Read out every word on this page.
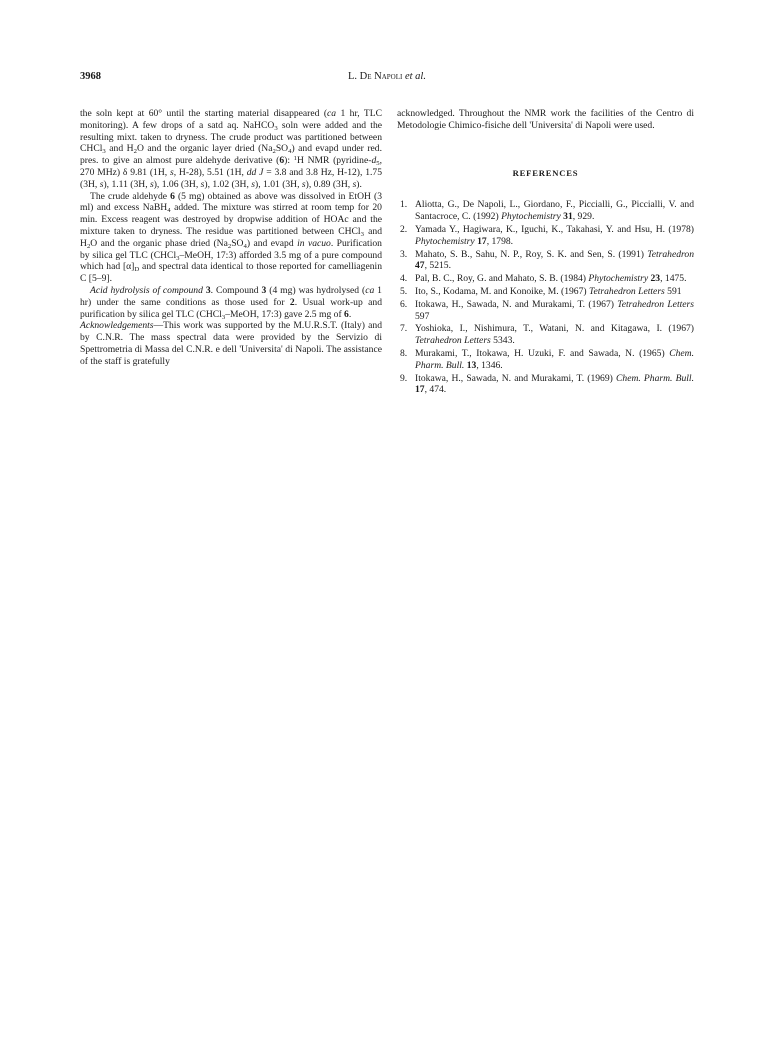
3968	L. De Napoli et al.

the soln kept at 60° until the starting material disappeared (ca 1 hr, TLC monitoring). A few drops of a satd aq. NaHCO$_3$ soln were added and the resulting mixt. taken to dryness. The crude product was partitioned between CHCl$_3$ and $H_2O$ and the organic layer dried $(Na_2SO_4)$ and evapd under red. pres. to give an almost pure aldehyde derivative (6): $^1$H NMR ($pyridine-d_5$, 270 MHz) δ 9.81 (1H, s, H-28), 5.51 (1H, dd J = 3.8 and 3.8 Hz, H-12), 1.75 (3H, s), 1.11 (3H, s), 1.06 (3H, s), 1.02 (3H, s), 1.01 (3H, s), 0.89 (3H, s).

The crude aldehyde 6 (5 mg) obtained as above was dissolved in EtOH (3 ml) and excess NaBH$_4$ added. The mixture was stirred at room temp for 20 min. Excess reagent was destroyed by dropwise addition of HOAc and the mixture taken to dryness. The residue was partitioned between CHCl$_3$ and $H_2O$ and the organic phase dried $(Na_2SO_4)$ and evapd in vacuo. Purification by silica gel TLC (CHCl$_3$–MeOH, 17:3) afforded 3.5 mg of a pure compound which had $[\alpha]_D$ and spectral data identical to those reported for camelliagenin C [5–9].

Acid hydrolysis of compound 3. Compound 3 (4 mg) was hydrolysed (ca 1 hr) under the same conditions as those used for 2. Usual work-up and purification by silica gel TLC (CHCl$_3$–MeOH, 17:3) gave 2.5 mg of 6.

Acknowledgements—This work was supported by the M.U.R.S.T. (Italy) and by C.N.R. The mass spectral data were provided by the Servizio di Spettrometria di Massa del C.N.R. e dell 'Universita' di Napoli. The assistance of the staff is gratefully

acknowledged. Throughout the NMR work the facilities of the Centro di Metodologie Chimico-fisiche dell 'Universita' di Napoli were used.

REFERENCES
1. Aliotta, G., De Napoli, L., Giordano, F., Piccialli, G., Piccialli, V. and Santacroce, C. (1992) Phytochemistry 31, 929.
2. Yamada Y., Hagiwara, K., Iguchi, K., Takahasi, Y. and Hsu, H. (1978) Phytochemistry 17, 1798.
3. Mahato, S. B., Sahu, N. P., Roy, S. K. and Sen, S. (1991) Tetrahedron 47, 5215.
4. Pal, B. C., Roy, G. and Mahato, S. B. (1984) Phytochemistry 23, 1475.
5. Ito, S., Kodama, M. and Konoike, M. (1967) Tetrahedron Letters 591
6. Itokawa, H., Sawada, N. and Murakami, T. (1967) Tetrahedron Letters 597
7. Yoshioka, I., Nishimura, T., Watani, N. and Kitagawa, I. (1967) Tetrahedron Letters 5343.
8. Murakami, T., Itokawa, H. Uzuki, F. and Sawada, N. (1965) Chem. Pharm. Bull. 13, 1346.
9. Itokawa, H., Sawada, N. and Murakami, T. (1969) Chem. Pharm. Bull. 17, 474.
